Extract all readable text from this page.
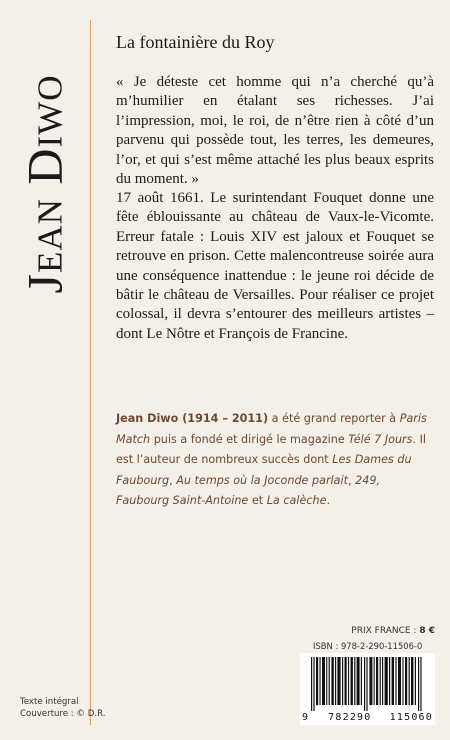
Jean Diwo
La fontainière du Roy

« Je déteste cet homme qui n’a cherché qu’à m’humilier en étalant ses richesses. J’ai l’impression, moi, le roi, de n’être rien à côté d’un parvenu qui possède tout, les terres, les demeures, l’or, et qui s’est même attaché les plus beaux esprits du moment. »

17 août 1661. Le surintendant Fouquet donne une fête éblouissante au château de Vaux-le-Vicomte. Erreur fatale : Louis XIV est jaloux et Fouquet se retrouve en prison. Cette malencontreuse soirée aura une conséquence inattendue : le jeune roi décide de bâtir le château de Versailles. Pour réaliser ce projet colossal, il devra s’entourer des meilleurs artistes – dont Le Nôtre et François de Francine.

Jean Diwo (1914 – 2011) a été grand reporter à Paris Match puis a fondé et dirigé le magazine Télé 7 Jours. Il est l’auteur de nombreux succès dont Les Dames du Faubourg, Au temps où la Joconde parlait, 249, Faubourg Saint-Antoine et La calèche.
PRIX FRANCE : 8 €
ISBN : 978-2-290-11506-0
9 782290 115060
Texte intégral
Couverture : © D.R.
